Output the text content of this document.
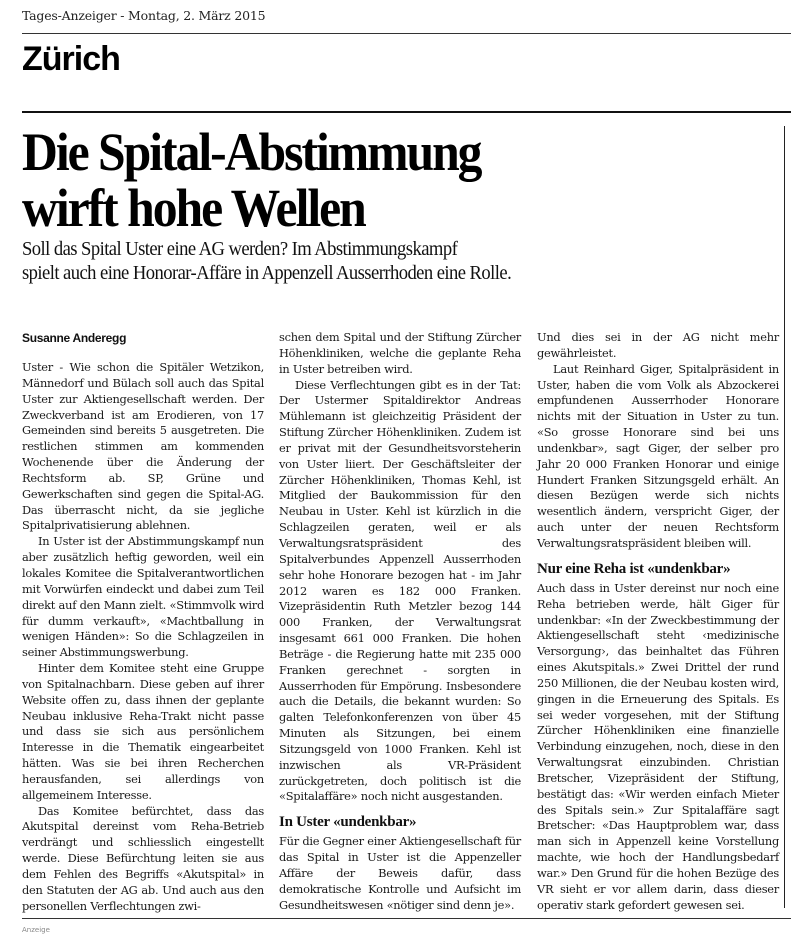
Tages-Anzeiger - Montag, 2. März 2015
Zürich
Die Spital-Abstimmung
wirft hohe Wellen
Soll das Spital Uster eine AG werden? Im Abstimmungskampf
spielt auch eine Honorar-Affäre in Appenzell Ausserrhoden eine Rolle.
Susanne Anderegg

Uster - Wie schon die Spitäler Wetzikon, Männedorf und Bülach soll auch das Spital Uster zur Aktiengesellschaft werden. Der Zweckverband ist am Erodieren, von 17 Gemeinden sind bereits 5 ausgetreten. Die restlichen stimmen am kommenden Wochenende über die Änderung der Rechtsform ab. SP, Grüne und Gewerkschaften sind gegen die Spital-AG. Das überrascht nicht, da sie jegliche Spitalprivatisierung ablehnen.

In Uster ist der Abstimmungskampf nun aber zusätzlich heftig geworden, weil ein lokales Komitee die Spitalverantwortlichen mit Vorwürfen eindeckt und dabei zum Teil direkt auf den Mann zielt. «Stimmvolk wird für dumm verkauft», «Machtballung in wenigen Händen»: So die Schlagzeilen in seiner Abstimmungswerbung.

Hinter dem Komitee steht eine Gruppe von Spitalnachbarn. Diese geben auf ihrer Website offen zu, dass ihnen der geplante Neubau inklusive Reha-Trakt nicht passe und dass sie sich aus persönlichem Interesse in die Thematik eingearbeitet hätten. Was sie bei ihren Recherchen herausfanden, sei allerdings von allgemeinem Interesse.

Das Komitee befürchtet, dass das Akutspital dereinst vom Reha-Betrieb verdrängt und schliesslich eingestellt werde. Diese Befürchtung leiten sie aus dem Fehlen des Begriffs «Akutspital» in den Statuten der AG ab. Und auch aus den personellen Verflechtungen zwi-

schen dem Spital und der Stiftung Zürcher Höhenkliniken, welche die geplante Reha in Uster betreiben wird.

Diese Verflechtungen gibt es in der Tat: Der Ustermer Spitaldirektor Andreas Mühlemann ist gleichzeitig Präsident der Stiftung Zürcher Höhenkliniken. Zudem ist er privat mit der Gesundheitsvorsteherin von Uster liiert. Der Geschäftsleiter der Zürcher Höhenkliniken, Thomas Kehl, ist Mitglied der Baukommission für den Neubau in Uster. Kehl ist kürzlich in die Schlagzeilen geraten, weil er als Verwaltungsratspräsident des Spitalverbundes Appenzell Ausserrhoden sehr hohe Honorare bezogen hat - im Jahr 2012 waren es 182 000 Franken. Vizepräsidentin Ruth Metzler bezog 144 000 Franken, der Verwaltungsrat insgesamt 661 000 Franken. Die hohen Beträge - die Regierung hatte mit 235 000 Franken gerechnet - sorgten in Ausserrhoden für Empörung. Insbesondere auch die Details, die bekannt wurden: So galten Telefonkonferenzen von über 45 Minuten als Sitzungen, bei einem Sitzungsgeld von 1000 Franken. Kehl ist inzwischen als VR-Präsident zurückgetreten, doch politisch ist die «Spitalaffäre» noch nicht ausgestanden.

In Uster «undenkbar»

Für die Gegner einer Aktiengesellschaft für das Spital in Uster ist die Appenzeller Affäre der Beweis dafür, dass demokratische Kontrolle und Aufsicht im Gesundheitswesen «nötiger sind denn je».

Und dies sei in der AG nicht mehr gewährleistet.

Laut Reinhard Giger, Spitalpräsident in Uster, haben die vom Volk als Abzockerei empfundenen Ausserrhoder Honorare nichts mit der Situation in Uster zu tun. «So grosse Honorare sind bei uns undenkbar», sagt Giger, der selber pro Jahr 20 000 Franken Honorar und einige Hundert Franken Sitzungsgeld erhält. An diesen Bezügen werde sich nichts wesentlich ändern, verspricht Giger, der auch unter der neuen Rechtsform Verwaltungsratspräsident bleiben will.

Nur eine Reha ist «undenkbar»

Auch dass in Uster dereinst nur noch eine Reha betrieben werde, hält Giger für undenkbar: «In der Zweckbestimmung der Aktiengesellschaft steht ‹medizinische Versorgung›, das beinhaltet das Führen eines Akutspitals.» Zwei Drittel der rund 250 Millionen, die der Neubau kosten wird, gingen in die Erneuerung des Spitals. Es sei weder vorgesehen, mit der Stiftung Zürcher Höhenkliniken eine finanzielle Verbindung einzugehen, noch, diese in den Verwaltungsrat einzubinden. Christian Bretscher, Vizepräsident der Stiftung, bestätigt das: «Wir werden einfach Mieter des Spitals sein.» Zur Spitalaffäre sagt Bretscher: «Das Hauptproblem war, dass man sich in Appenzell keine Vorstellung machte, wie hoch der Handlungsbedarf war.» Den Grund für die hohen Bezüge des VR sieht er vor allem darin, dass dieser operativ stark gefordert gewesen sei.

Anzeige
